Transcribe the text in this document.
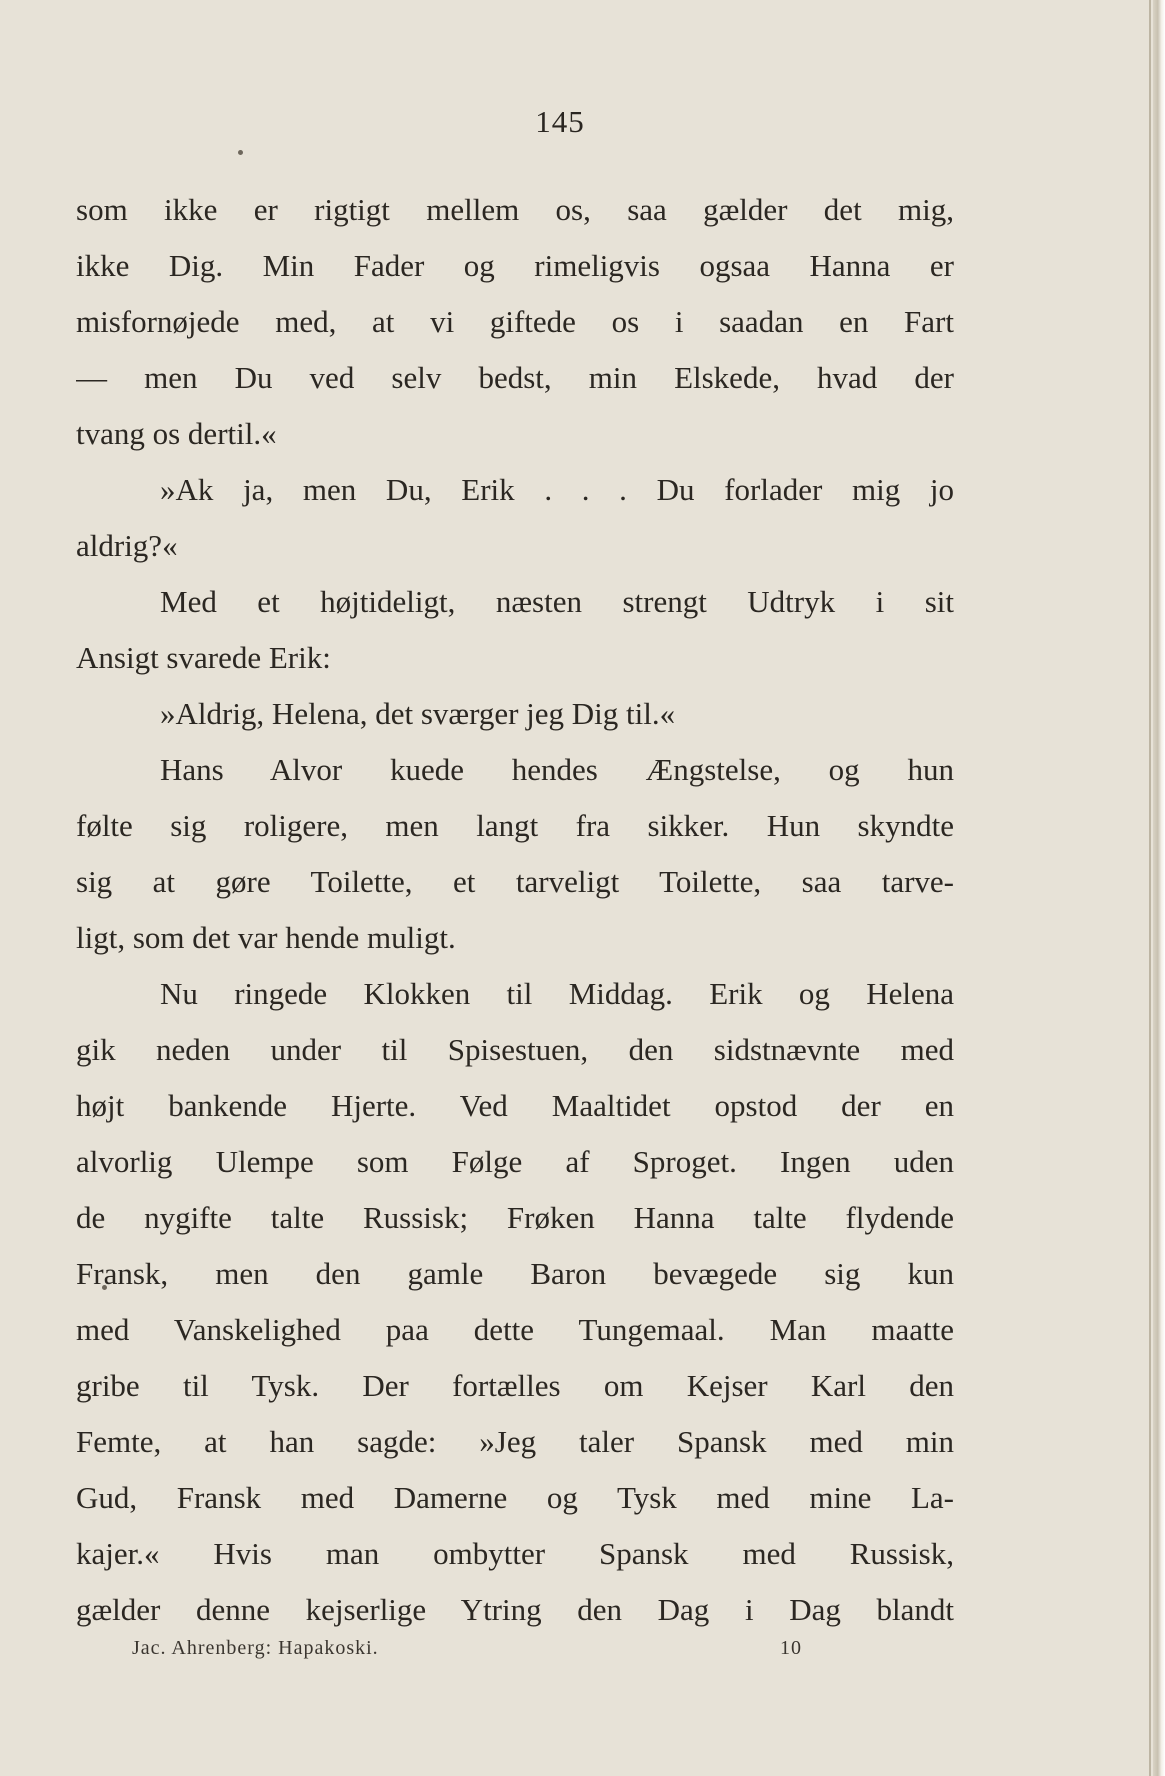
145
som ikke er rigtigt mellem os, saa gælder det mig,
ikke Dig. Min Fader og rimeligvis ogsaa Hanna er
misfornøjede med, at vi giftede os i saadan en Fart
— men Du ved selv bedst, min Elskede, hvad der
tvang os dertil.«
»Ak ja, men Du, Erik . . . Du forlader mig jo
aldrig?«
Med et højtideligt, næsten strengt Udtryk i sit
Ansigt svarede Erik:
»Aldrig, Helena, det sværger jeg Dig til.«
Hans Alvor kuede hendes Ængstelse, og hun
følte sig roligere, men langt fra sikker. Hun skyndte
sig at gøre Toilette, et tarveligt Toilette, saa tarve-
ligt, som det var hende muligt.
Nu ringede Klokken til Middag. Erik og Helena
gik neden under til Spisestuen, den sidstnævnte med
højt bankende Hjerte. Ved Maaltidet opstod der en
alvorlig Ulempe som Følge af Sproget. Ingen uden
de nygifte talte Russisk; Frøken Hanna talte flydende
Fransk, men den gamle Baron bevægede sig kun
med Vanskelighed paa dette Tungemaal. Man maatte
gribe til Tysk. Der fortælles om Kejser Karl den
Femte, at han sagde: »Jeg taler Spansk med min
Gud, Fransk med Damerne og Tysk med mine La-
kajer.« Hvis man ombytter Spansk med Russisk,
gælder denne kejserlige Ytring den Dag i Dag blandt
Jac. Ahrenberg: Hapakoski.	10
